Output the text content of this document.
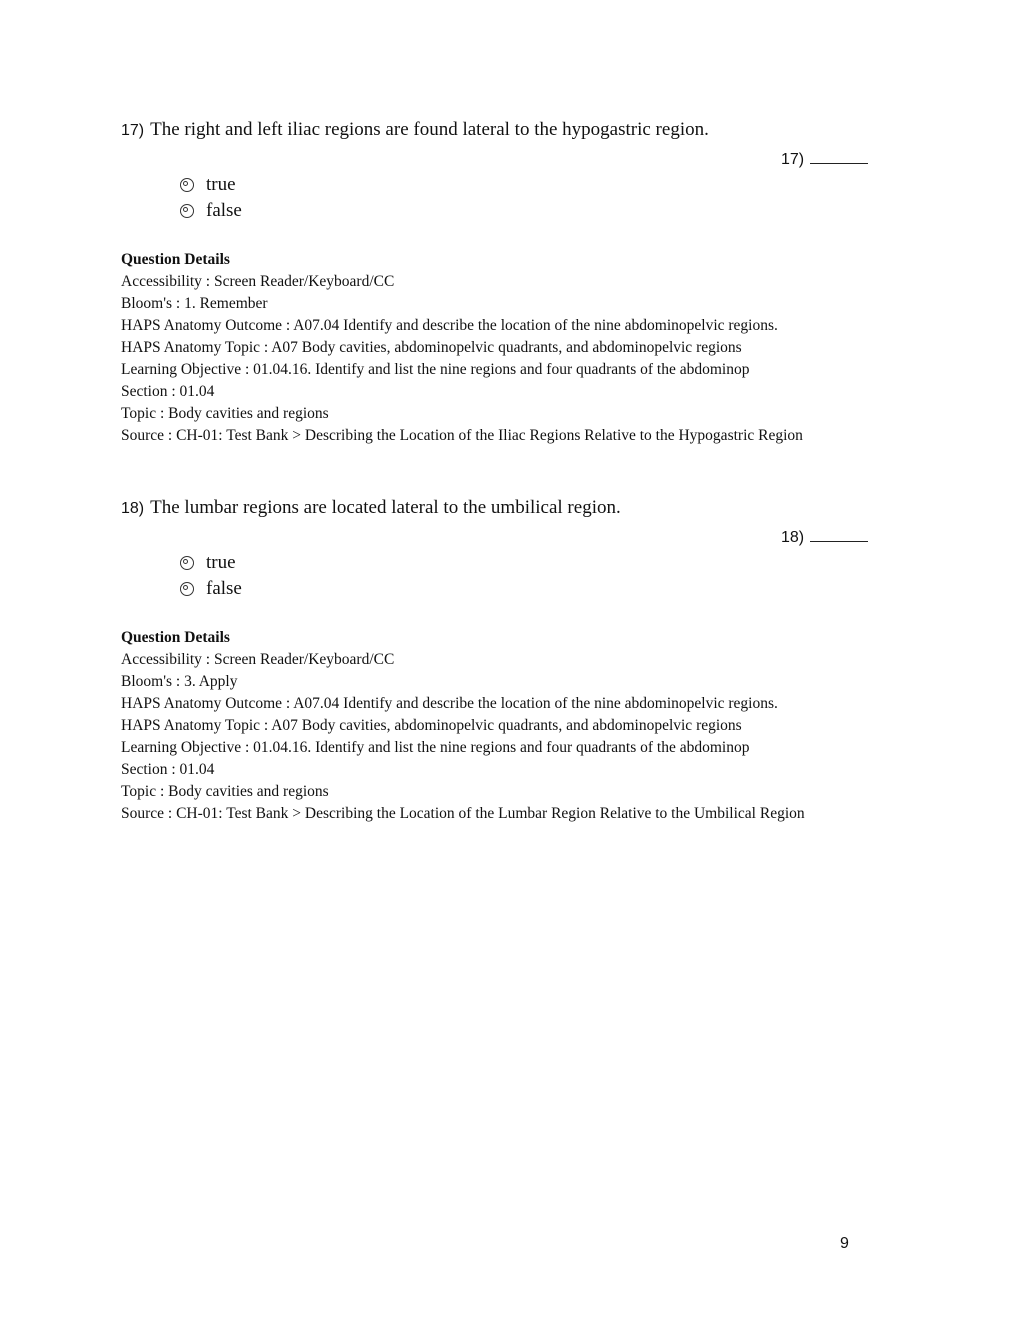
17) The right and left iliac regions are found lateral to the hypogastric region.
17)
true
false
Question Details
Accessibility : Screen Reader/Keyboard/CC
Bloom's : 1. Remember
HAPS Anatomy Outcome : A07.04 Identify and describe the location of the nine abdominopelvic regions.
HAPS Anatomy Topic : A07 Body cavities, abdominopelvic quadrants, and abdominopelvic regions
Learning Objective : 01.04.16. Identify and list the nine regions and four quadrants of the abdominop
Section : 01.04
Topic : Body cavities and regions
Source : CH-01: Test Bank > Describing the Location of the Iliac Regions Relative to the Hypogastric Region
18) The lumbar regions are located lateral to the umbilical region.
18)
true
false
Question Details
Accessibility : Screen Reader/Keyboard/CC
Bloom's : 3. Apply
HAPS Anatomy Outcome : A07.04 Identify and describe the location of the nine abdominopelvic regions.
HAPS Anatomy Topic : A07 Body cavities, abdominopelvic quadrants, and abdominopelvic regions
Learning Objective : 01.04.16. Identify and list the nine regions and four quadrants of the abdominop
Section : 01.04
Topic : Body cavities and regions
Source : CH-01: Test Bank > Describing the Location of the Lumbar Region Relative to the Umbilical Region
9
